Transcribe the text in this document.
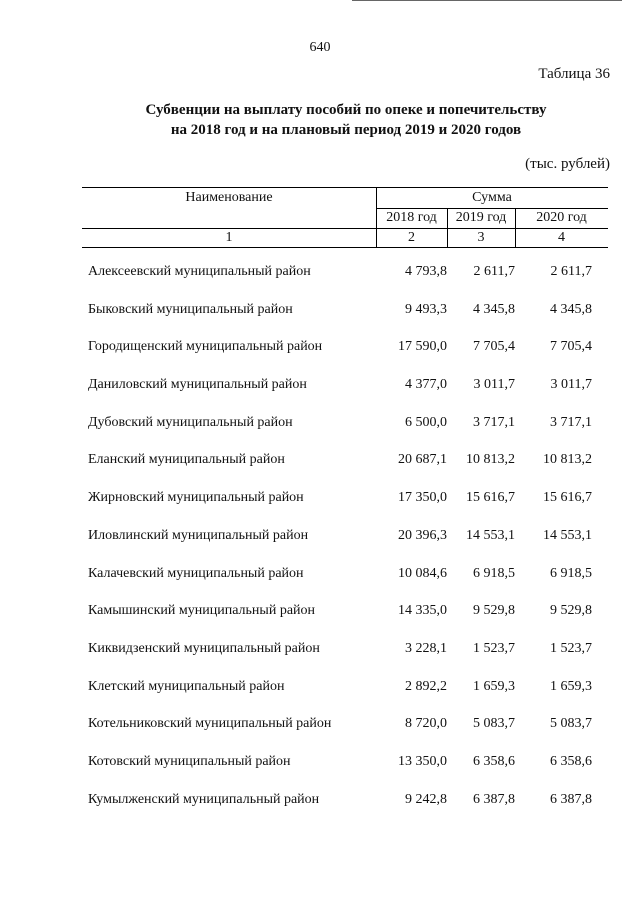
640
Таблица 36
Субвенции на выплату пособий по опеке и попечительству
на 2018 год и на плановый период 2019 и 2020 годов
(тыс. рублей)
Наименование	Сумма
2018 год	2019 год	2020 год
1	2	3	4
Алексеевский муниципальный район	4 793,8	2 611,7	2 611,7
Быковский муниципальный район	9 493,3	4 345,8	4 345,8
Городищенский муниципальный район	17 590,0	7 705,4	7 705,4
Даниловский муниципальный район	4 377,0	3 011,7	3 011,7
Дубовский муниципальный район	6 500,0	3 717,1	3 717,1
Еланский муниципальный район	20 687,1	10 813,2	10 813,2
Жирновский муниципальный район	17 350,0	15 616,7	15 616,7
Иловлинский муниципальный район	20 396,3	14 553,1	14 553,1
Калачевский муниципальный район	10 084,6	6 918,5	6 918,5
Камышинский муниципальный район	14 335,0	9 529,8	9 529,8
Киквидзенский муниципальный район	3 228,1	1 523,7	1 523,7
Клетский муниципальный район	2 892,2	1 659,3	1 659,3
Котельниковский муниципальный район	8 720,0	5 083,7	5 083,7
Котовский муниципальный район	13 350,0	6 358,6	6 358,6
Кумылженский муниципальный район	9 242,8	6 387,8	6 387,8
